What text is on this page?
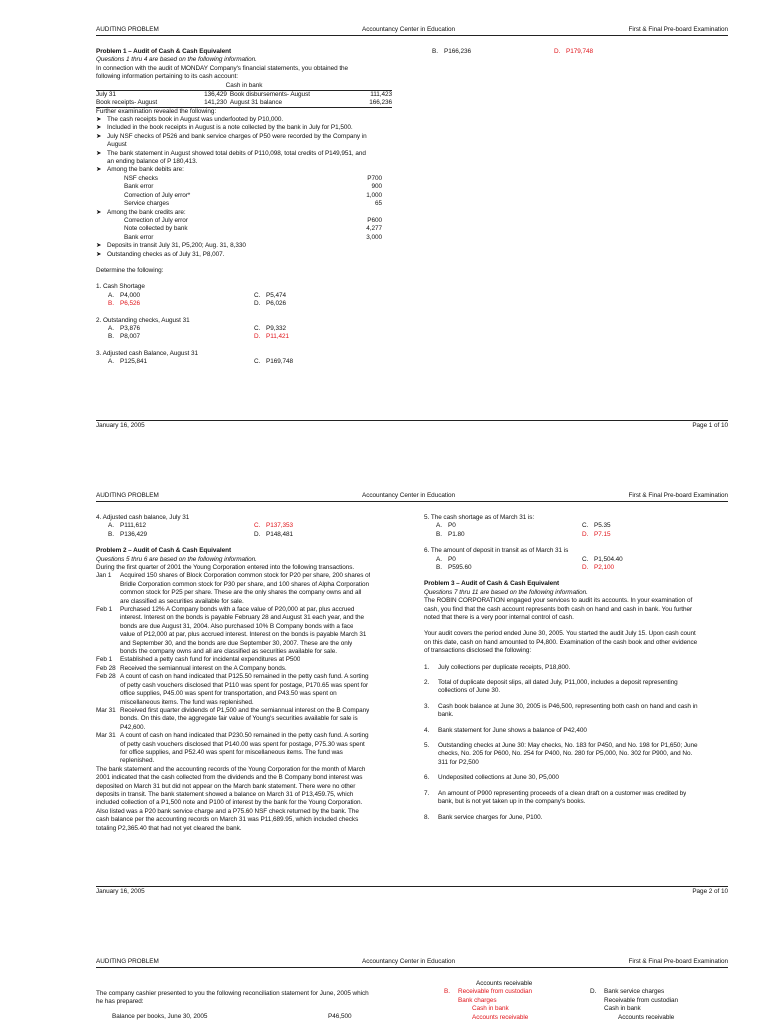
AUDITING PROBLEM	Accountancy Center in Education	First & Final Pre-board Examination
Problem 1 – Audit of Cash & Cash Equivalent
Questions 1 thru 4 are based on the following information.
In connection with the audit of MONDAY Company's financial statements, you obtained the
following information pertaining to its cash account:
Cash in bank			
July 31	136,429	Book disbursements- August	111,423
Book receipts- August	141,230	August 31 balance	166,236
Further examination revealed the following:
➤ The cash receipts book in August was underfooted by P10,000.
➤ Included in the book receipts in August is a note collected by the bank in July for P1,500.
➤ July NSF checks of P526 and bank service charges of P50 were recorded by the Company in
August
➤ The bank statement in August showed total debits of P110,098, total credits of P149,951, and
an ending balance of P 180,413.
➤ Among the bank debits are:
NSF checks	P700
Bank error	900
Correction of July error*	1,000
Service charges	65
➤ Among the bank credits are:
Correction of July error	P600
Note collected by bank	4,277
Bank error	3,000
➤ Deposits in transit July 31, P5,200; Aug. 31, 8,330
➤ Outstanding checks as of July 31, P8,007.
Determine the following:
1. Cash Shortage
A. P4,000	C. P5,474
B. P6,526	D. P6,026
2. Outstanding checks, August 31
A. P3,876	C. P9,332
B. P8,007	D. P11,421
3. Adjusted cash Balance, August 31
A. P125,841	C. P169,748
B. P166,236	D. P179,748
January 16, 2005	Page 1 of 10
AUDITING PROBLEM	Accountancy Center in Education	First & Final Pre-board Examination
4. Adjusted cash balance, July 31
A. P111,612	C. P137,353
B. P136,429	D. P148,481
Problem 2 – Audit of Cash & Cash Equivalent
Questions 5 thru 6 are based on the following information.
During the first quarter of 2001 the Young Corporation entered into the following transactions.
Jan 1	Acquired 150 shares of Block Corporation common stock for P20 per share, 200 shares of
Bridle Corporation common stock for P30 per share, and 100 shares of Alpha Corporation
common stock for P25 per share. These are the only shares the company owns and all
are classified as securities available for sale.
Feb 1	Purchased 12% A Company bonds with a face value of P20,000 at par, plus accrued
interest. Interest on the bonds is payable February 28 and August 31 each year, and the
bonds are due August 31, 2004. Also purchased 10% B Company bonds with a face
value of P12,000 at par, plus accrued interest. Interest on the bonds is payable March 31
and September 30, and the bonds are due September 30, 2007. These are the only
bonds the company owns and all are classified as securities available for sale.
Feb 1	Established a petty cash fund for incidental expenditures at P500
Feb 28 Received the semiannual interest on the A Company bonds.
Feb 28 A count of cash on hand indicated that P125.50 remained in the petty cash fund. A sorting
of petty cash vouchers disclosed that P110 was spent for postage, P170.65 was spent for
office supplies, P45.00 was spent for transportation, and P43.50 was spent on
miscellaneous items. The fund was replenished.
Mar 31 Received first quarter dividends of P1,500 and the semiannual interest on the B Company
bonds. On this date, the aggregate fair value of Young's securities available for sale is
P42,600.
Mar 31 A count of cash on hand indicated that P230.50 remained in the petty cash fund. A sorting
of petty cash vouchers disclosed that P140.00 was spent for postage, P75.30 was spent
for office supplies, and P52.40 was spent for miscellaneous items. The fund was
replenished.
The bank statement and the accounting records of the Young Corporation for the month of March
2001 indicated that the cash collected from the dividends and the B Company bond interest was
deposited on March 31 but did not appear on the March bank statement. There were no other
deposits in transit. The bank statement showed a balance on March 31 of P13,459.75, which
included collection of a P1,500 note and P100 of interest by the bank for the Young Corporation.
Also listed was a P20 bank service charge and a P75.60 NSF check returned by the bank. The
cash balance per the accounting records on March 31 was P11,689.95, which included checks
totaling P2,365.40 that had not yet cleared the bank.
5. The cash shortage as of March 31 is:
A. P0	C. P5.35
B. P1.80	D. P7.15
6. The amount of deposit in transit as of March 31 is
A. P0	C. P1,504.40
B. P595.60	D. P2,100
Problem 3 – Audit of Cash & Cash Equivalent
Questions 7 thru 11 are based on the following information.
The ROBIN CORPORATION engaged your services to audit its accounts. In your examination of
cash, you find that the cash account represents both cash on hand and cash in bank. You further
noted that there is a very poor internal control of cash.
Your audit covers the period ended June 30, 2005. You started the audit July 15. Upon cash count
on this date, cash on hand amounted to P4,800. Examination of the cash book and other evidence
of transactions disclosed the following:
1.	July collections per duplicate receipts, P18,800.
2.	Total of duplicate deposit slips, all dated July, P11,000, includes a deposit representing
collections of June 30.
3.	Cash book balance at June 30, 2005 is P46,500, representing both cash on hand and cash in
bank.
4.	Bank statement for June shows a balance of P42,400
5.	Outstanding checks at June 30: May checks, No. 183 for P450, and No. 198 for P1,650; June
checks, No. 205 for P600, No. 254 for P400, No. 280 for P5,000, No. 302 for P900, and No.
311 for P2,500
6.	Undeposited collections at June 30, P5,000
7.	An amount of P900 representing proceeds of a clean draft on a customer was credited by
bank, but is not yet taken up in the company's books.
8.	Bank service charges for June, P100.
January 16, 2005	Page 2 of 10
AUDITING PROBLEM	Accountancy Center in Education	First & Final Pre-board Examination
The company cashier presented to you the following reconciliation statement for June, 2005 which
he has prepared:
Balance per books, June 30, 2005	P46,500
Accounts receivable
B. Receivable from custodian	D. Bank service charges
Bank charges	Receivable from custodian
Cash in bank	Cash in bank
Accounts receivable	Accounts receivable
